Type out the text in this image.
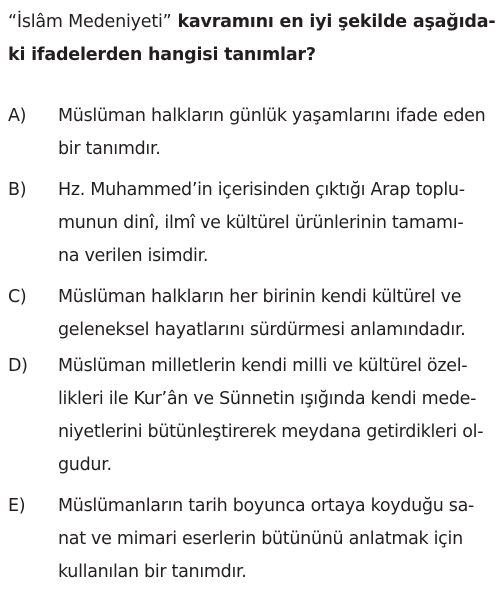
“İslâm Medeniyeti” kavramını en iyi şekilde aşağıda-
ki ifadelerden hangisi tanımlar?
A) Müslüman halkların günlük yaşamlarını ifade eden
bir tanımdır.
B) Hz. Muhammed’in içerisinden çıktığı Arap toplu-
munun dinî, ilmî ve kültürel ürünlerinin tamamı-
na verilen isimdir.
C) Müslüman halkların her birinin kendi kültürel ve
geleneksel hayatlarını sürdürmesi anlamındadır.
D) Müslüman milletlerin kendi milli ve kültürel özel-
likleri ile Kur’ân ve Sünnetin ışığında kendi mede-
niyetlerini bütünleştirerek meydana getirdikleri ol-
gudur.
E) Müslümanların tarih boyunca ortaya koyduğu sa-
nat ve mimari eserlerin bütününü anlatmak için
kullanılan bir tanımdır.
